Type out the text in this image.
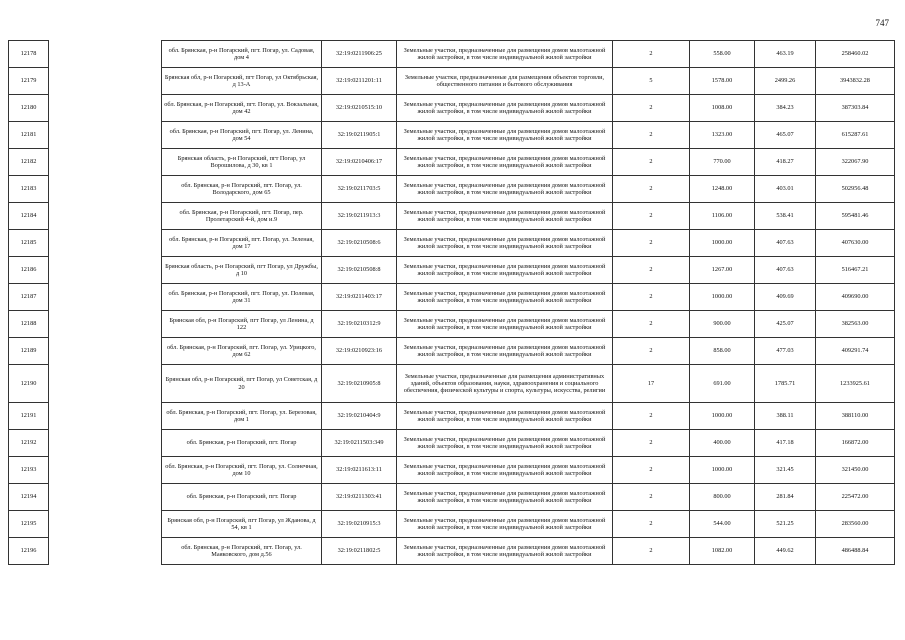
747
12178		обл. Брянская, р-н Погарский, пгт. Погар, ул. Садовая, дом 4	32:19:0211906:25	Земельные участки, предназначенные для размещения домов малоэтажной жилой застройки, в том числе индивидуальной жилой застройки	2	558.00	463.19	258460.02
12179		Брянская обл, р-н Погарский, пгт Погар, ул Октябрьская, д 13-А	32:19:0211201:11	Земельные участки, предназначенные для размещения объектов торговли, общественного питания и бытового обслуживания	5	1578.00	2499.26	3943832.28
12180		обл. Брянская, р-н Погарский, пгт. Погар, ул. Вокзальная, дом 42	32:19:0210515:10	Земельные участки, предназначенные для размещения домов малоэтажной жилой застройки, в том числе индивидуальной жилой застройки	2	1008.00	384.23	387303.84
12181		обл. Брянская, р-н Погарский, пгт. Погар, ул. Ленина, дом 54	32:19:0211905:1	Земельные участки, предназначенные для размещения домов малоэтажной жилой застройки, в том числе индивидуальной жилой застройки	2	1323.00	465.07	615287.61
12182		Брянская область, р-н Погарский, пгт Погар, ул Ворошилова, д 30, кв 1	32:19:0210406:17	Земельные участки, предназначенные для размещения домов малоэтажной жилой застройки, в том числе индивидуальной жилой застройки	2	770.00	418.27	322067.90
12183		обл. Брянская, р-н Погарский, пгт. Погар, ул. Володарского, дом 65	32:19:0211703:5	Земельные участки, предназначенные для размещения домов малоэтажной жилой застройки, в том числе индивидуальной жилой застройки	2	1248.00	403.01	502956.48
12184		обл. Брянская, р-н Погарский, пгт. Погар, пер. Пролетарский 4-й, дом и.9	32:19:0211913:3	Земельные участки, предназначенные для размещения домов малоэтажной жилой застройки, в том числе индивидуальной жилой застройки	2	1106.00	538.41	595481.46
12185		обл. Брянская, р-н Погарский, пгт. Погар, ул. Зеленая, дом 17	32:19:0210508:6	Земельные участки, предназначенные для размещения домов малоэтажной жилой застройки, в том числе индивидуальной жилой застройки	2	1000.00	407.63	407630.00
12186		Брянская область, р-н Погарский, пгт Погар, ул Дружбы, д 10	32:19:0210508:8	Земельные участки, предназначенные для размещения домов малоэтажной жилой застройки, в том числе индивидуальной жилой застройки	2	1267.00	407.63	516467.21
12187		обл. Брянская, р-н Погарский, пгт. Погар, ул. Полевая, дом 31	32:19:0211403:17	Земельные участки, предназначенные для размещения домов малоэтажной жилой застройки, в том числе индивидуальной жилой застройки	2	1000.00	409.69	409690.00
12188		Брянская обл, р-н Погарский, пгт Погар, ул Ленина, д 122	32:19:0210312:9	Земельные участки, предназначенные для размещения домов малоэтажной жилой застройки, в том числе индивидуальной жилой застройки	2	900.00	425.07	382563.00
12189		обл. Брянская, р-н Погарский, пгт. Погар, ул. Урицкого, дом 62	32:19:0210923:16	Земельные участки, предназначенные для размещения домов малоэтажной жилой застройки, в том числе индивидуальной жилой застройки	2	858.00	477.03	409291.74
12190		Брянская обл, р-н Погарский, пгт Погар, ул Советская, д 20	32:19:0210905:8	Земельные участки, предназначенные для размещения административных зданий, объектов образования, науки, здравоохранения и социального обеспечения, физической культуры и спорта, культуры, искусства, религии	17	691.00	1785.71	1233925.61
12191		обл. Брянская, р-н Погарский, пгт. Погар, ул. Березовая, дом 1	32:19:0210404:9	Земельные участки, предназначенные для размещения домов малоэтажной жилой застройки, в том числе индивидуальной жилой застройки	2	1000.00	388.11	388110.00
12192		обл. Брянская, р-н Погарский, пгт. Погар	32:19:0211503:349	Земельные участки, предназначенные для размещения домов малоэтажной жилой застройки, в том числе индивидуальной жилой застройки	2	400.00	417.18	166872.00
12193		обл. Брянская, р-н Погарский, пгт. Погар, ул. Солнечная, дом 10	32:19:0211613:11	Земельные участки, предназначенные для размещения домов малоэтажной жилой застройки, в том числе индивидуальной жилой застройки	2	1000.00	321.45	321450.00
12194		обл. Брянская, р-н Погарский, пгт. Погар	32:19:0211303:41	Земельные участки, предназначенные для размещения домов малоэтажной жилой застройки, в том числе индивидуальной жилой застройки	2	800.00	281.84	225472.00
12195		Брянская обл, р-н Погарский, пгт Погар, ул Жданова, д 54, кв 1	32:19:0210915:3	Земельные участки, предназначенные для размещения домов малоэтажной жилой застройки, в том числе индивидуальной жилой застройки	2	544.00	521.25	283560.00
12196		обл. Брянская, р-н Погарский, пгт. Погар, ул. Маяковского, дом д.56	32:19:0211802:5	Земельные участки, предназначенные для размещения домов малоэтажной жилой застройки, в том числе индивидуальной жилой застройки	2	1082.00	449.62	486488.84
